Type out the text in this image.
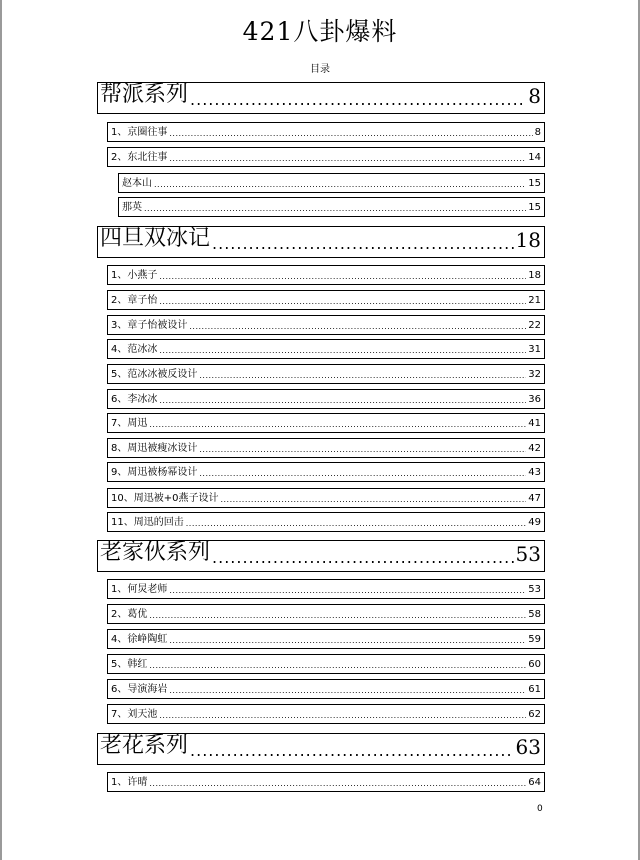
421八卦爆料
目录
帮派系列 .....	8
1、京圈往事 .....	8
2、东北往事 .....	14
赵本山 .....	15
那英 .....	15
四旦双冰记 .....	18
1、小燕子 .....	18
2、章子怡 .....	21
3、章子怡被设计 .....	22
4、范冰冰 .....	31
5、范冰冰被反设计 .....	32
6、李冰冰 .....	36
7、周迅 .....	41
8、周迅被瘦冰设计 .....	42
9、周迅被杨幂设计 .....	43
10、周迅被+0燕子设计 .....	47
11、周迅的回击 .....	49
老家伙系列 .....	53
1、何炅老师 .....	53
2、葛优 .....	58
4、徐峥陶虹 .....	59
5、韩红 .....	60
6、导演海岩 .....	61
7、刘天池 .....	62
老花系列 .....	63
1、许晴 .....	64
0
